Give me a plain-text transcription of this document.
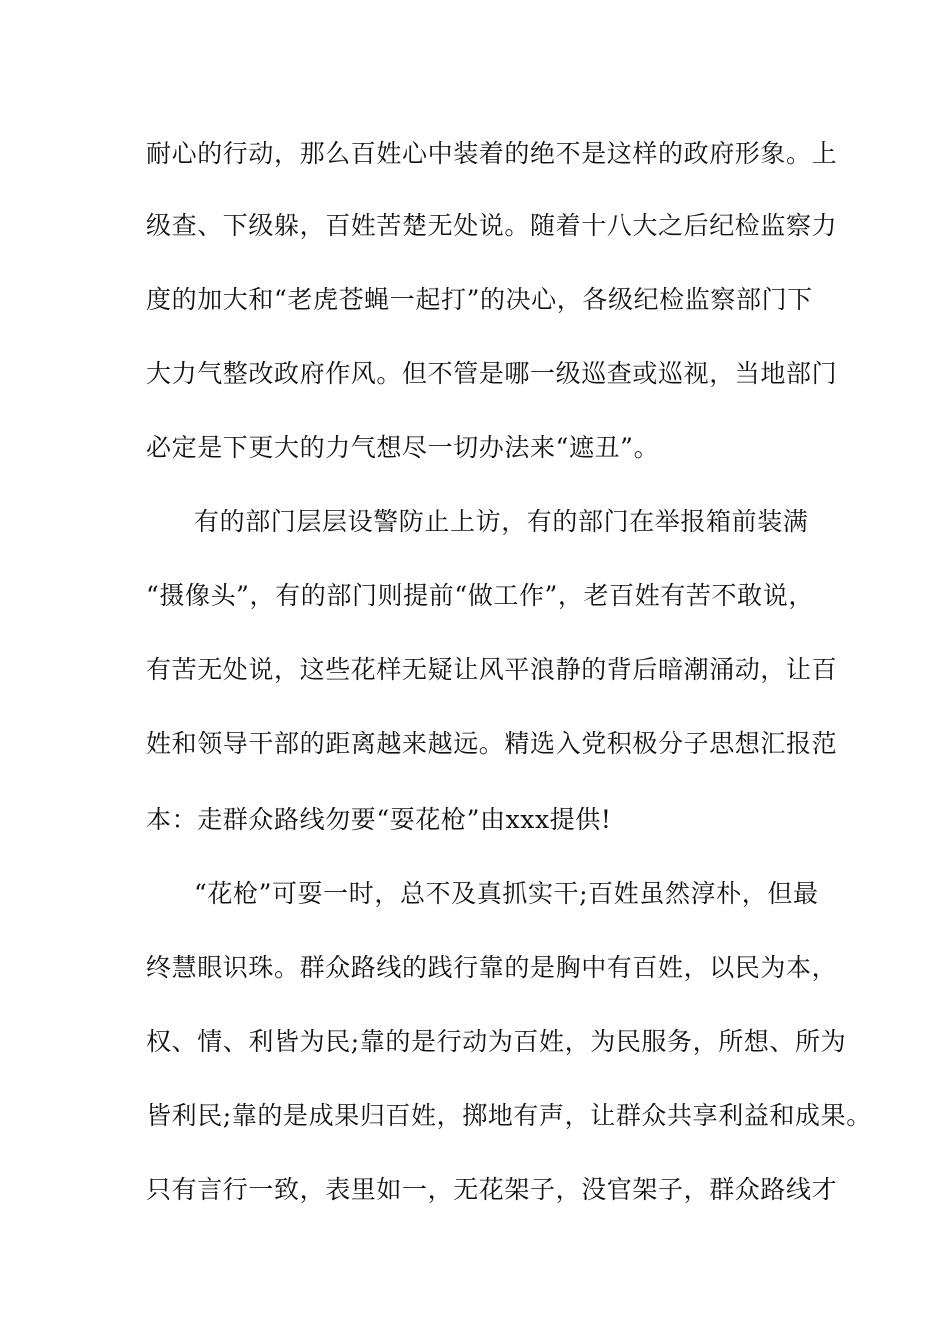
耐心的行动，那么百姓心中装着的绝不是这样的政府形象。上
级查、下级躲，百姓苦楚无处说。随着十八大之后纪检监察力
度的加大和“老虎苍蝇一起打”的决心，各级纪检监察部门下
大力气整改政府作风。但不管是哪一级巡查或巡视，当地部门
必定是下更大的力气想尽一切办法来“遮丑”。
有的部门层层设警防止上访，有的部门在举报箱前装满
“摄像头”，有的部门则提前“做工作”，老百姓有苦不敢说，
有苦无处说，这些花样无疑让风平浪静的背后暗潮涌动，让百
姓和领导干部的距离越来越远。精选入党积极分子思想汇报范
本：走群众路线勿要“耍花枪”由xxx提供!
“花枪”可耍一时，总不及真抓实干;百姓虽然淳朴，但最
终慧眼识珠。群众路线的践行靠的是胸中有百姓，以民为本，
权、情、利皆为民;靠的是行动为百姓，为民服务，所想、所为
皆利民;靠的是成果归百姓，掷地有声，让群众共享利益和成果。
只有言行一致，表里如一，无花架子，没官架子，群众路线才
